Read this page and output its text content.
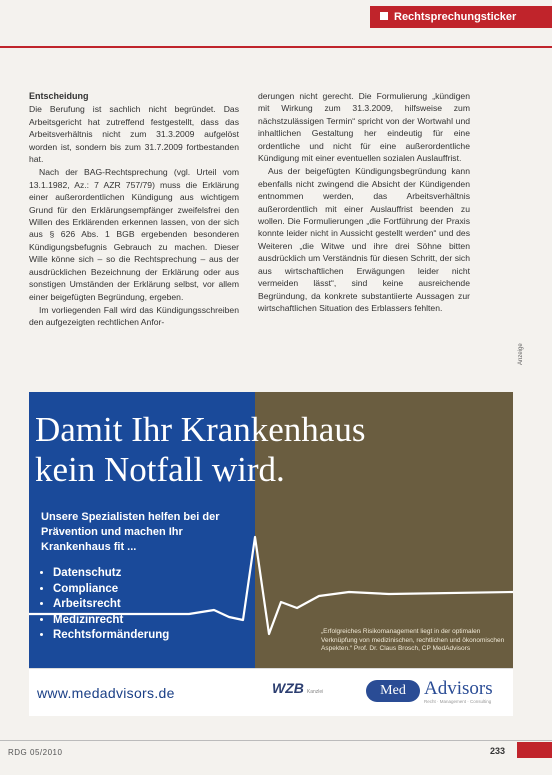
Rechtsprechungsticker
Entscheidung

Die Berufung ist sachlich nicht begründet. Das Arbeitsgericht hat zutreffend festgestellt, dass das Arbeitsverhältnis nicht zum 31.3.2009 aufgelöst worden ist, sondern bis zum 31.7.2009 fortbestanden hat.

Nach der BAG-Rechtsprechung (vgl. Urteil vom 13.1.1982, Az.: 7 AZR 757/79) muss die Erklärung einer außerordentlichen Kündigung aus wichtigem Grund für den Erklärungsempfänger zweifelsfrei den Willen des Erklärenden erkennen lassen, von der sich aus § 626 Abs. 1 BGB ergebenden besonderen Kündigungsbefugnis Gebrauch zu machen. Dieser Wille könne sich – so die Rechtsprechung – aus der ausdrücklichen Bezeichnung der Erklärung oder aus sonstigen Umständen der Erklärung selbst, vor allem einer beigefügten Begründung, ergeben.

Im vorliegenden Fall wird das Kündigungsschreiben den aufgezeigten rechtlichen Anfor-

derungen nicht gerecht. Die Formulierung „kündigen mit Wirkung zum 31.3.2009, hilfsweise zum nächstzulässigen Termin“ spricht von der Wortwahl und inhaltlichen Gestaltung her eindeutig für eine ordentliche und nicht für eine außerordentliche Kündigung mit einer eventuellen sozialen Auslauffrist.

Aus der beigefügten Kündigungsbegründung kann ebenfalls nicht zwingend die Absicht der Kündigenden entnommen werden, das Arbeitsverhältnis außerordentlich mit einer Auslauffrist beenden zu wollen. Die Formulierungen „die Fortführung der Praxis konnte leider nicht in Aussicht gestellt werden“ und des Weiteren „die Witwe und ihre drei Söhne bitten ausdrücklich um Verständnis für diesen Schritt, der sich aus wirtschaftlichen Erwägungen leider nicht vermeiden lässt“, sind keine ausreichende Begründung, da konkrete substantiierte Aussagen zur wirtschaftlichen Situation des Erblassers fehlten.

Anzeige
Damit Ihr Krankenhaus
kein Notfall wird.
Unsere Spezialisten helfen bei der Prävention und machen Ihr Krankenhaus fit ...
• Datenschutz
• Compliance
• Arbeitsrecht
• Medizinrecht
• Rechtsformänderung	„Erfolgreiches Risikomanagement liegt in der optimalen Verknüpfung von medizinischen, rechtlichen und ökonomischen Aspekten.“ Prof. Dr. Claus Brosch, CP MedAdvisors
www.medadvisors.de	WZB Kanzlei	Med Advisors
Recht · Management · Consulting
RDG 05/2010	233
